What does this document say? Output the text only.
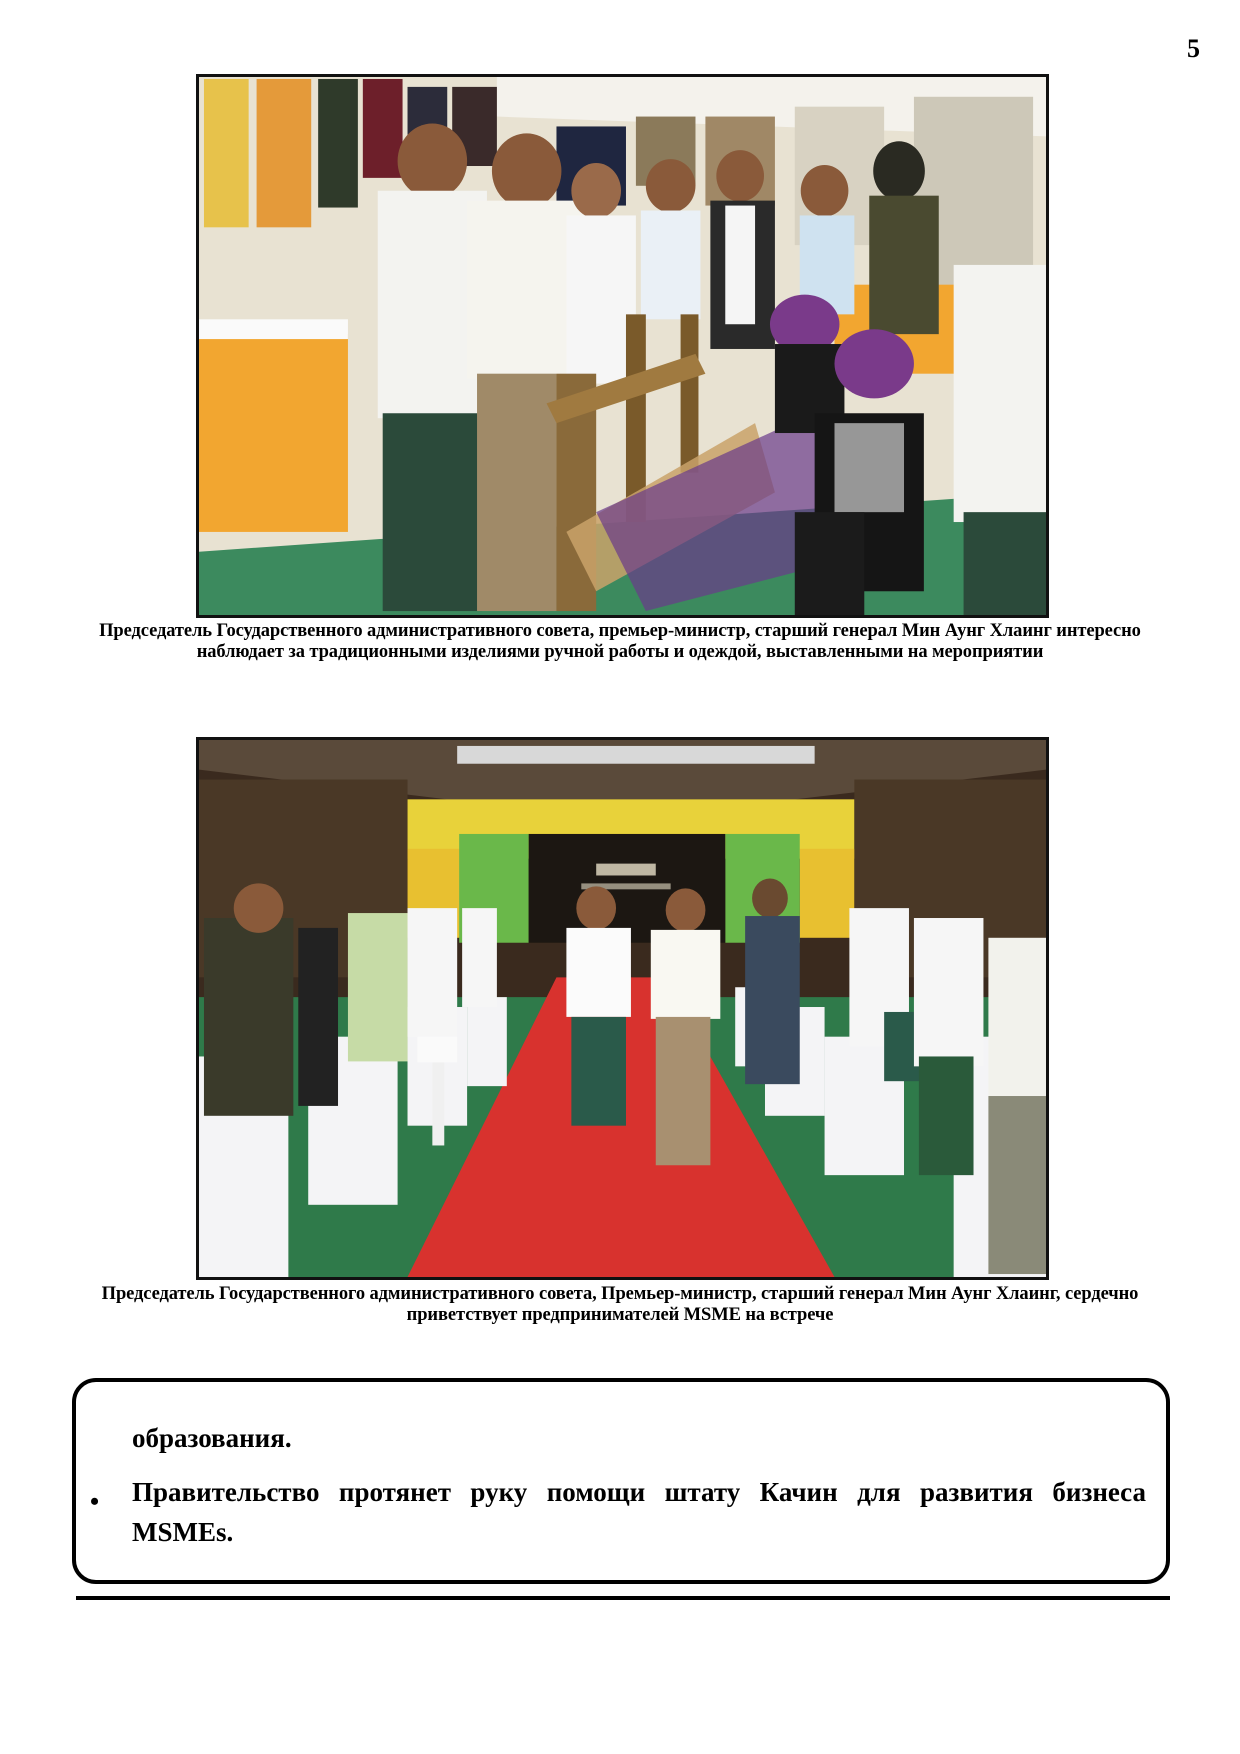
5
Председатель Государственного административного совета, премьер-министр, старший генерал Мин Аунг Хлаинг интересно наблюдает за традиционными изделиями ручной работы и одеждой, выставленными на мероприятии
Председатель Государственного административного совета, Премьер-министр, старший генерал Мин Аунг Хлаинг, сердечно приветствует предпринимателей MSME на встрече
образования.
• Правительство протянет руку помощи штату Качин для развития бизнеса MSMEs.
